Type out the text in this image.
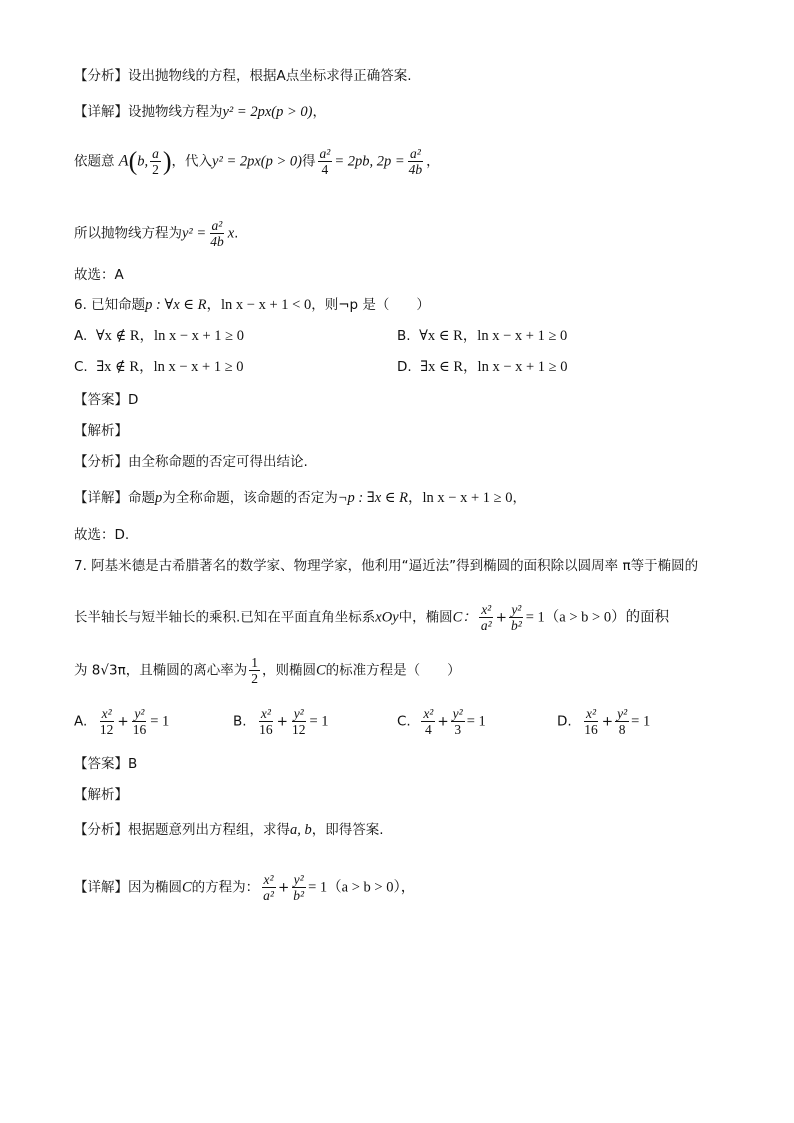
【分析】设出抛物线的方程，根据A点坐标求得正确答案.
【详解】设抛物线方程为y² = 2px(p > 0)，
依题意 A(b, $\frac{a}{2}$ )，代入y² = 2px(p > 0)得 $\frac{\text{a²}}{4} = 2pb$, $2p = \frac{\text{a²}}{4b}$ ，
所以抛物线方程为$y^2 = \frac{\text{a²}}{4b} x$.
故选：A
6. 已知命题p : ∀x ∈ R，ln x − x + 1 < 0，则¬p 是（　　）
A. ∀x ∉ R，ln x − x + 1 ≥ 0	B. ∀x ∈ R，ln x − x + 1 ≥ 0
C. ∃x ∉ R，ln x − x + 1 ≥ 0	D. ∃x ∈ R，ln x − x + 1 ≥ 0
【答案】D
【解析】
【分析】由全称命题的否定可得出结论.
【详解】命题p为全称命题，该命题的否定为¬p : ∃x ∈ R，ln x − x + 1 ≥ 0，
故选：D.
7. 阿基米德是古希腊著名的数学家、物理学家，他利用“逼近法”得到椭圆的面积除以圆周率 π等于椭圆的
长半轴长与短半轴长的乘积.已知在平面直角坐标系xOy中，椭圆C： $\frac{\text{x²}}{\text{a²}} + \frac{\text{y²}}{\text{b²}} = 1(a > b > 0)$的面积
为 8√3π，且椭圆的离心率为 $\frac{1}{2}$ ，则椭圆C的标准方程是（　　）
A. $\frac{\text{x²}}{12} + \frac{\text{y²}}{16} = 1$	B. $\frac{\text{x²}}{16} + \frac{\text{y²}}{12} = 1$	C. $\frac{\text{x²}}{4} + \frac{\text{y²}}{3} = 1$	D. $\frac{\text{x²}}{16} + \frac{\text{y²}}{8} = 1$
【答案】B
【解析】
【分析】根据题意列出方程组，求得a, b，即得答案.
【详解】因为椭圆C的方程为： $\frac{\text{x²}}{\text{a²}} + \frac{\text{y²}}{\text{b²}} = 1(a > b > 0)$，
